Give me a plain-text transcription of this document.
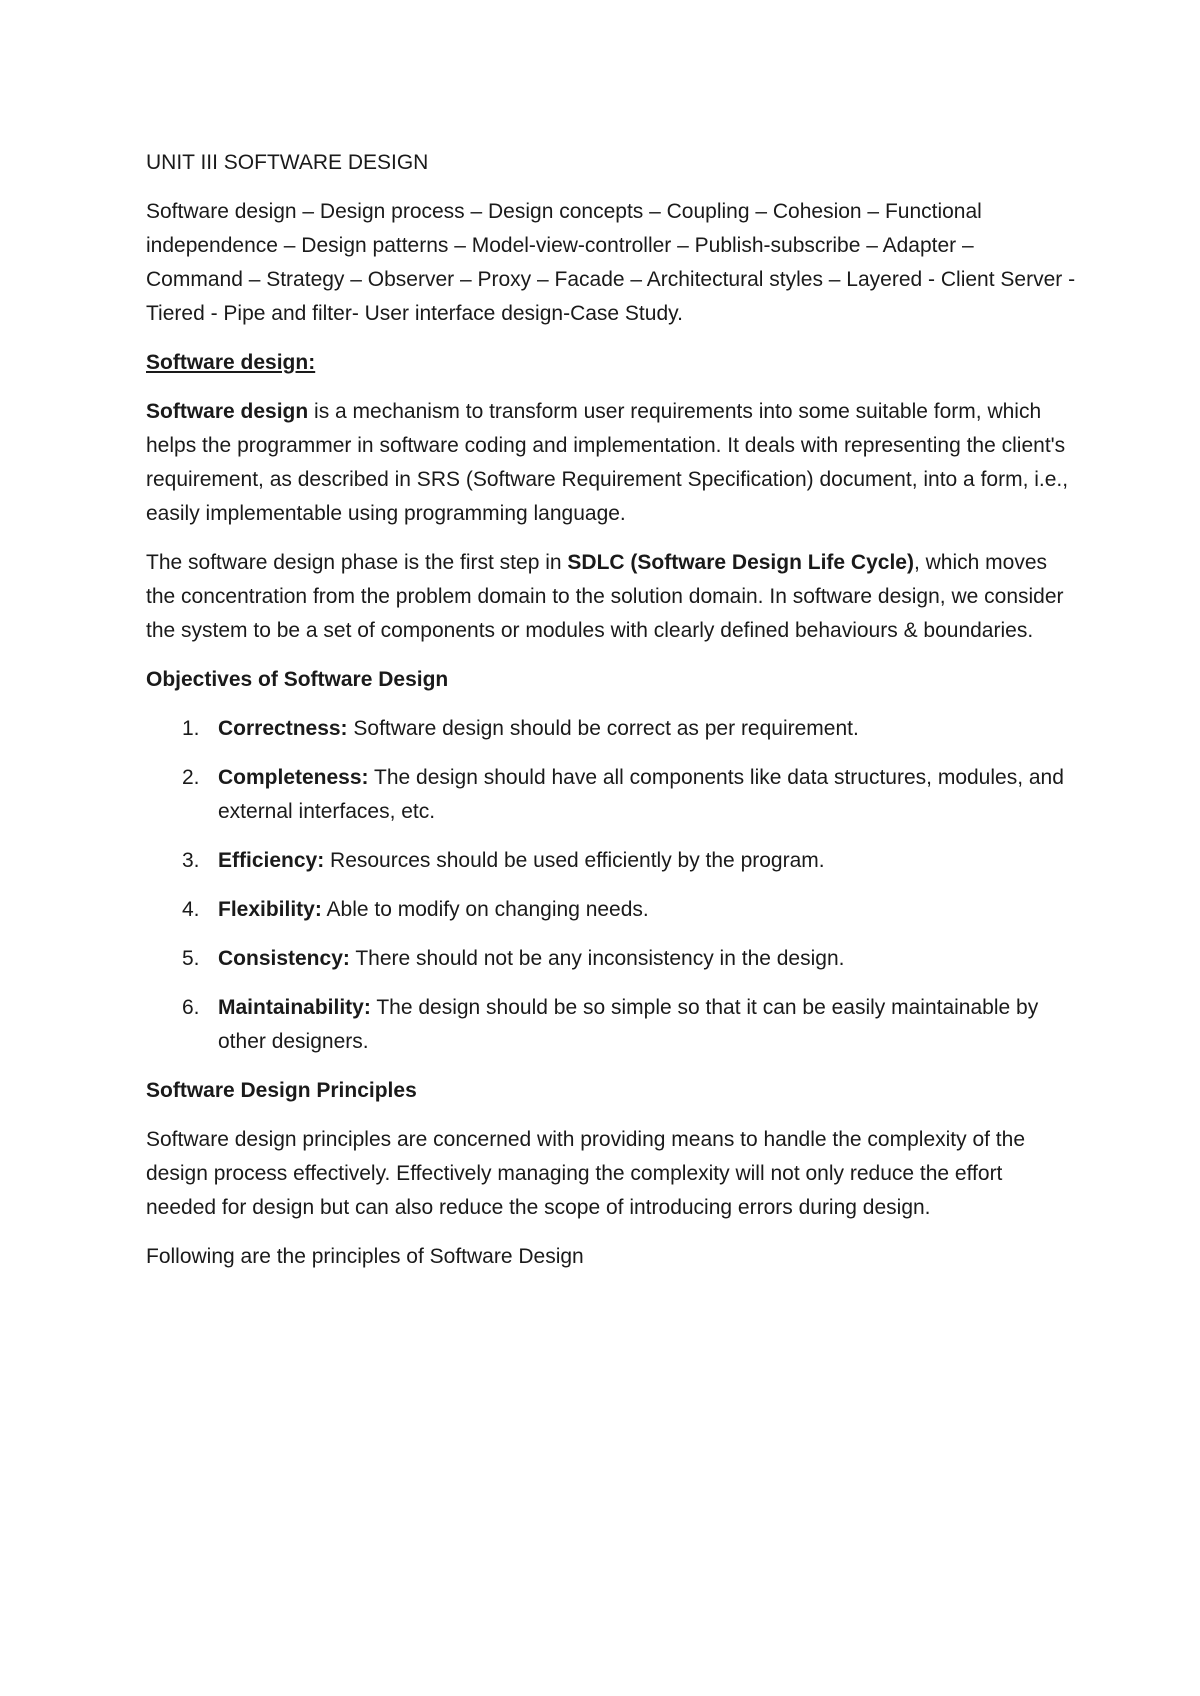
UNIT III SOFTWARE DESIGN

Software design – Design process – Design concepts – Coupling – Cohesion – Functional independence – Design patterns – Model-view-controller – Publish-subscribe – Adapter – Command – Strategy – Observer – Proxy – Facade – Architectural styles – Layered - Client Server - Tiered - Pipe and filter- User interface design-Case Study.

Software design:

Software design is a mechanism to transform user requirements into some suitable form, which helps the programmer in software coding and implementation. It deals with representing the client's requirement, as described in SRS (Software Requirement Specification) document, into a form, i.e., easily implementable using programming language.

The software design phase is the first step in SDLC (Software Design Life Cycle), which moves the concentration from the problem domain to the solution domain. In software design, we consider the system to be a set of components or modules with clearly defined behaviours & boundaries.

Objectives of Software Design
1. Correctness: Software design should be correct as per requirement.
2. Completeness: The design should have all components like data structures, modules, and external interfaces, etc.
3. Efficiency: Resources should be used efficiently by the program.
4. Flexibility: Able to modify on changing needs.
5. Consistency: There should not be any inconsistency in the design.
6. Maintainability: The design should be so simple so that it can be easily maintainable by other designers.
Software Design Principles

Software design principles are concerned with providing means to handle the complexity of the design process effectively. Effectively managing the complexity will not only reduce the effort needed for design but can also reduce the scope of introducing errors during design.

Following are the principles of Software Design
